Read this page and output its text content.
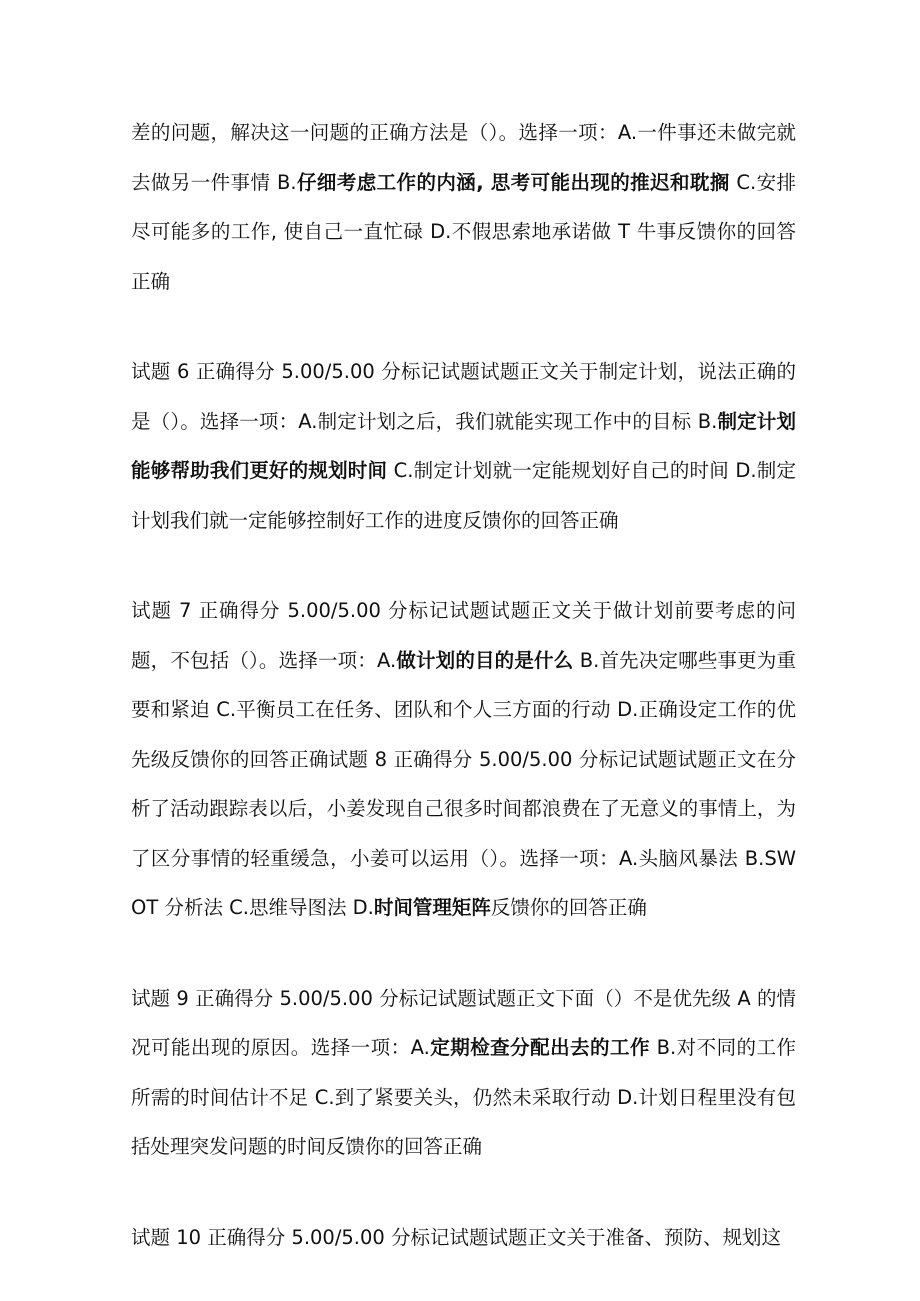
差的问题，解决这一问题的正确方法是（）。选择一项：A.一件事还未做完就去做另一件事情 B.仔细考虑工作的内涵, 思考可能出现的推迟和耽搁 C.安排尽可能多的工作, 使自己一直忙碌 D.不假思索地承诺做 T 牛事反馈你的回答正确

试题 6 正确得分 5.00/5.00 分标记试题试题正文关于制定计划，说法正确的是（）。选择一项：A.制定计划之后，我们就能实现工作中的目标 B.制定计划能够帮助我们更好的规划时间 C.制定计划就一定能规划好自己的时间 D.制定计划我们就一定能够控制好工作的进度反馈你的回答正确

试题 7 正确得分 5.00/5.00 分标记试题试题正文关于做计划前要考虑的问题，不包括（）。选择一项：A.做计划的目的是什么 B.首先决定哪些事更为重要和紧迫 C.平衡员工在任务、团队和个人三方面的行动 D.正确设定工作的优先级反馈你的回答正确试题 8 正确得分 5.00/5.00 分标记试题试题正文在分析了活动跟踪表以后，小姜发现自己很多时间都浪费在了无意义的事情上，为了区分事情的轻重缓急，小姜可以运用（）。选择一项：A.头脑风暴法 B.SWOT 分析法 C.思维导图法 D.时间管理矩阵反馈你的回答正确

试题 9 正确得分 5.00/5.00 分标记试题试题正文下面（）不是优先级 A 的情况可能出现的原因。选择一项：A.定期检查分配出去的工作 B.对不同的工作所需的时间估计不足 C.到了紧要关头，仍然未采取行动 D.计划日程里没有包括处理突发问题的时间反馈你的回答正确

试题 10 正确得分 5.00/5.00 分标记试题试题正文关于准备、预防、规划这
